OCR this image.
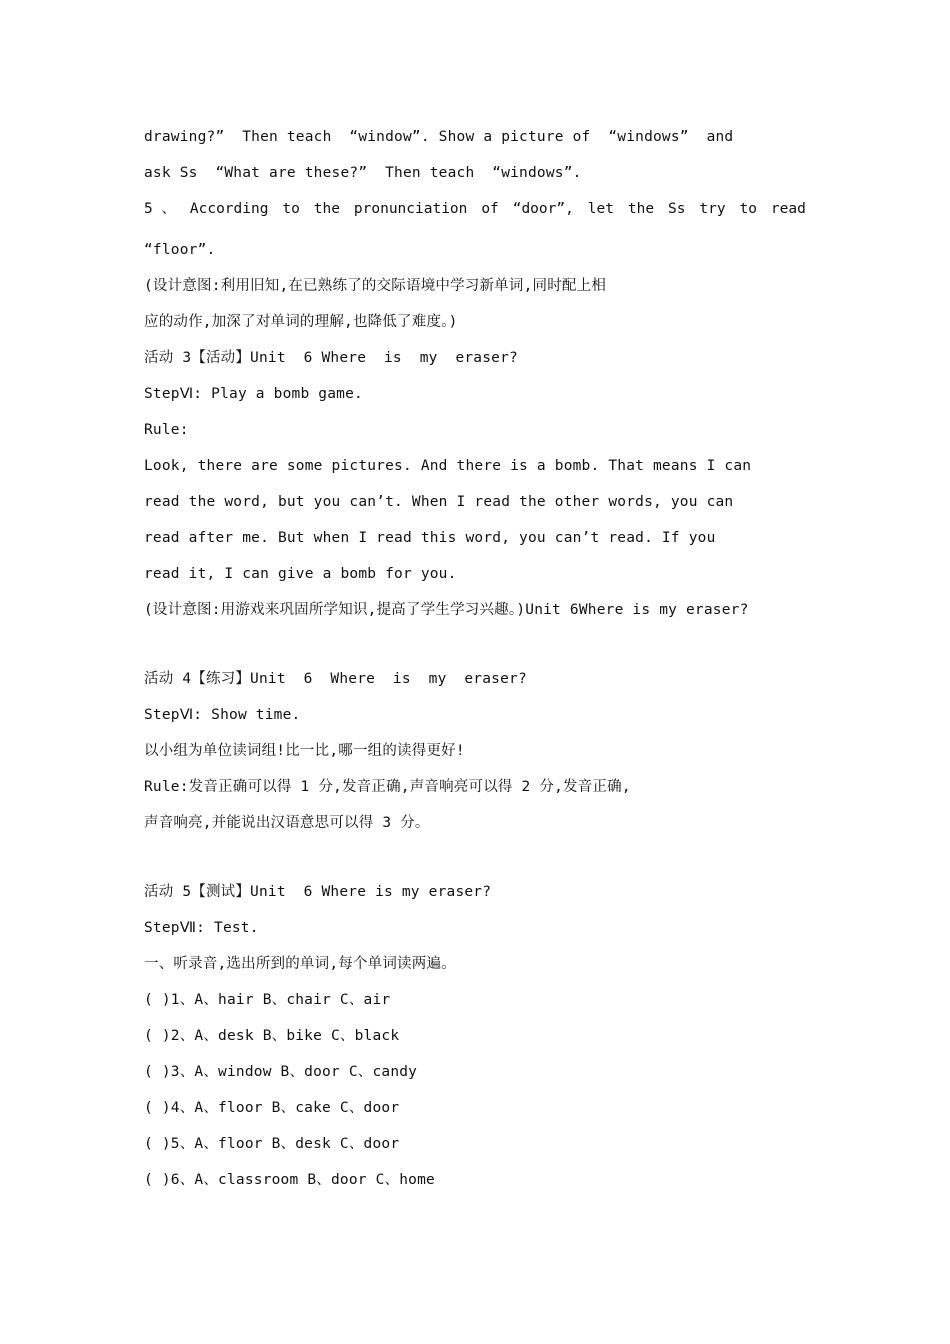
drawing?”  Then teach  “window”. Show a picture of  “windows”  and
ask Ss  “What are these?”  Then teach  “windows”.
5 、 According to the pronunciation of “door”, let the Ss try to read
“floor”.
(设计意图:利用旧知,在已熟练了的交际语境中学习新单词,同时配上相
应的动作,加深了对单词的理解,也降低了难度。)
活动 3【活动】Unit  6 Where  is  my  eraser?
StepⅥ: Play a bomb game.
Rule:
Look, there are some pictures. And there is a bomb. That means I can
read the word, but you can’t. When I read the other words, you can
read after me. But when I read this word, you can’t read. If you
read it, I can give a bomb for you.
(设计意图:用游戏来巩固所学知识,提高了学生学习兴趣。)Unit 6Where is my eraser?
活动 4【练习】Unit  6  Where  is  my  eraser?
StepⅥ: Show time.
以小组为单位读词组!比一比,哪一组的读得更好!
Rule:发音正确可以得 1 分,发音正确,声音响亮可以得 2 分,发音正确,
声音响亮,并能说出汉语意思可以得 3 分。
活动 5【测试】Unit  6 Where is my eraser?
StepⅦ: Test.
一、听录音,选出所到的单词,每个单词读两遍。
( )1、A、hair B、chair C、air
( )2、A、desk B、bike C、black
( )3、A、window B、door C、candy
( )4、A、floor B、cake C、door
( )5、A、floor B、desk C、door
( )6、A、classroom B、door C、home
